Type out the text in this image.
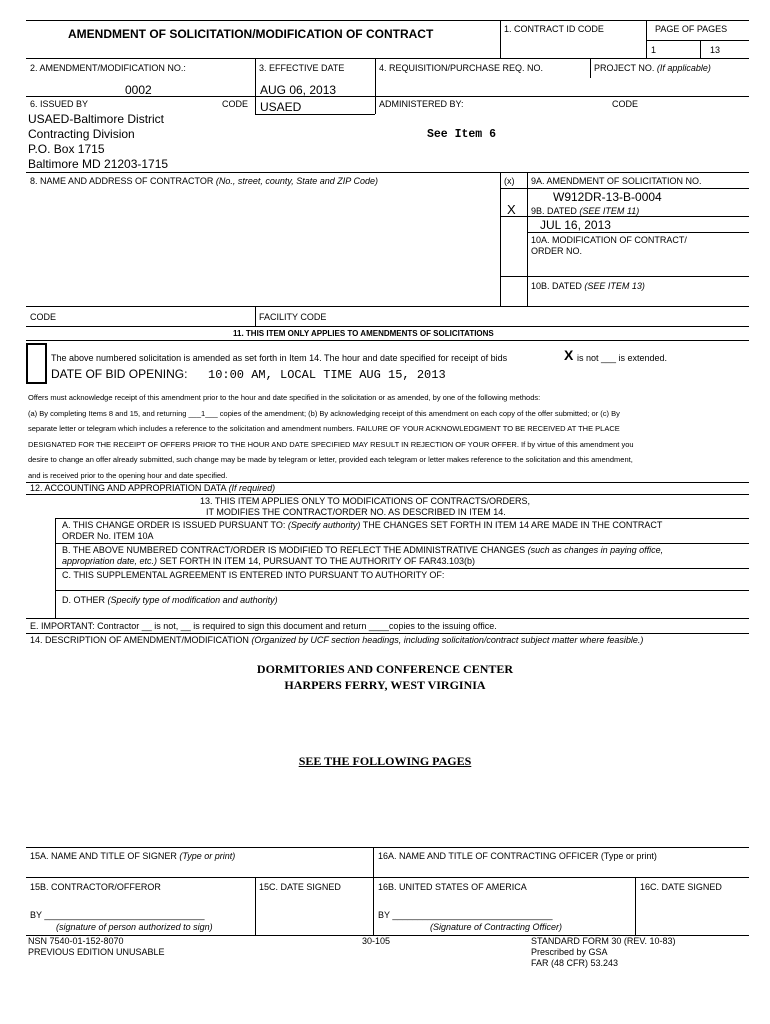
AMENDMENT OF SOLICITATION/MODIFICATION OF CONTRACT	1. CONTRACT ID CODE	PAGE OF PAGES
1	13
2. AMENDMENT/MODIFICATION NO.:
0002
3. EFFECTIVE DATE
AUG 06, 2013
4. REQUISITION/PURCHASE REQ. NO.	PROJECT NO. (If applicable)
6. ISSUED BY	CODE USAED
USAED-Baltimore District
Contracting Division
P.O. Box 1715
Baltimore MD 21203-1715
ADMINISTERED BY:	CODE
See Item 6
8. NAME AND ADDRESS OF CONTRACTOR (No., street, county, State and ZIP Code)	(x) 9A. AMENDMENT OF SOLICITATION NO.
W912DR-13-B-0004
X 9B. DATED (SEE ITEM 11)
JUL 16, 2013
10A. MODIFICATION OF CONTRACT/
ORDER NO.
10B. DATED (SEE ITEM 13)
CODE	FACILITY CODE
11. THIS ITEM ONLY APPLIES TO AMENDMENTS OF SOLICITATIONS
The above numbered solicitation is amended as set forth in Item 14. The hour and date specified for receipt of bids	X is not ___ is extended.
DATE OF BID OPENING: 10:00 AM, LOCAL TIME AUG 15, 2013
Offers must acknowledge receipt of this amendment prior to the hour and date specified in the solicitation or as amended, by one of the following methods:
(a) By completing Items 8 and 15, and returning ___1___ copies of the amendment; (b) By acknowledging receipt of this amendment on each copy of the offer submitted; or (c) By
separate letter or telegram which includes a reference to the solicitation and amendment numbers. FAILURE OF YOUR ACKNOWLEDGMENT TO BE RECEIVED AT THE PLACE
DESIGNATED FOR THE RECEIPT OF OFFERS PRIOR TO THE HOUR AND DATE SPECIFIED MAY RESULT IN REJECTION OF YOUR OFFER. If by virtue of this amendment you
desire to change an offer already submitted, such change may be made by telegram or letter, provided each telegram or letter makes reference to the solicitation and this amendment,
and is received prior to the opening hour and date specified.
12. ACCOUNTING AND APPROPRIATION DATA (If required)
13. THIS ITEM APPLIES ONLY TO MODIFICATIONS OF CONTRACTS/ORDERS,
IT MODIFIES THE CONTRACT/ORDER NO. AS DESCRIBED IN ITEM 14.
A. THIS CHANGE ORDER IS ISSUED PURSUANT TO: (Specify authority) THE CHANGES SET FORTH IN ITEM 14 ARE MADE IN THE CONTRACT
ORDER No. ITEM 10A
B. THE ABOVE NUMBERED CONTRACT/ORDER IS MODIFIED TO REFLECT THE ADMINISTRATIVE CHANGES (such as changes in paying office,
appropriation date, etc.) SET FORTH IN ITEM 14, PURSUANT TO THE AUTHORITY OF FAR43.103(b)
C. THIS SUPPLEMENTAL AGREEMENT IS ENTERED INTO PURSUANT TO AUTHORITY OF:
D. OTHER (Specify type of modification and authority)
E. IMPORTANT: Contractor __ is not, __ is required to sign this document and return ____copies to the issuing office.
14. DESCRIPTION OF AMENDMENT/MODIFICATION (Organized by UCF section headings, including solicitation/contract subject matter where feasible.)
DORMITORIES AND CONFERENCE CENTER
HARPERS FERRY, WEST VIRGINIA
SEE THE FOLLOWING PAGES
15A. NAME AND TITLE OF SIGNER (Type or print)	16A. NAME AND TITLE OF CONTRACTING OFFICER (Type or print)
15B. CONTRACTOR/OFFEROR	15C. DATE SIGNED	16B. UNITED STATES OF AMERICA	16C. DATE SIGNED
BY ________________________________
(signature of person authorized to sign)
BY ________________________________
(Signature of Contracting Officer)
NSN 7540-01-152-8070
PREVIOUS EDITION UNUSABLE
30-105	STANDARD FORM 30 (REV. 10-83)
Prescribed by GSA
FAR (48 CFR) 53.243
